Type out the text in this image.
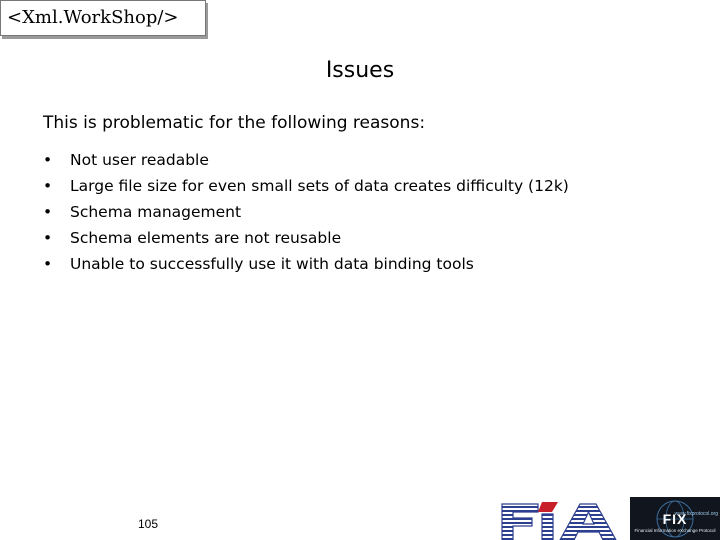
<Xml.WorkShop/>
Issues
This is problematic for the following reasons:
• Not user readable
• Large file size for even small sets of data creates difficulty (12k)
• Schema management
• Schema elements are not reusable
• Unable to successfully use it with data binding tools
105
www.fixprotocol.org
FIX
Financial Information eXchange Protocol
